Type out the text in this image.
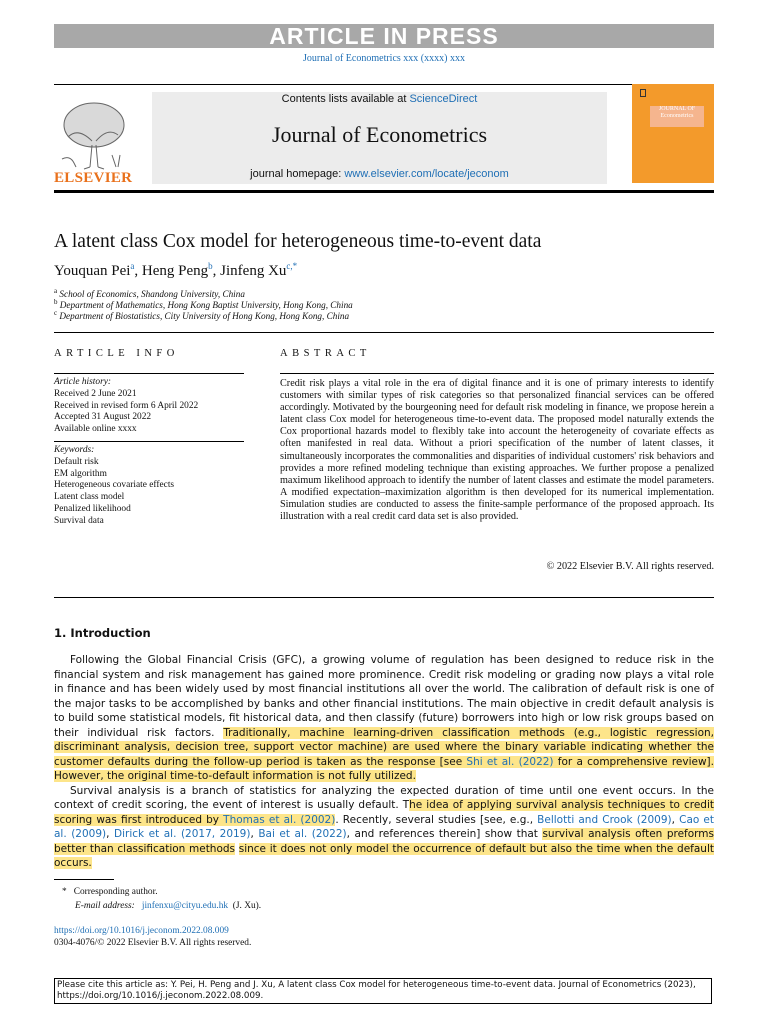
ARTICLE IN PRESS
Journal of Econometrics xxx (xxxx) xxx
ELSEVIER
Contents lists available at ScienceDirect
Journal of Econometrics
journal homepage: www.elsevier.com/locate/jeconom
JOURNAL OF Econometrics
A latent class Cox model for heterogeneous time-to-event data
Youquan Pei$^a$, Heng Peng$^b$, Jinfeng $Xu^{c,*}$
$^a$ School of Economics, Shandong University, China
$^b$ Department of Mathematics, Hong Kong Baptist University, Hong Kong, China
$^c$ Department of Biostatistics, City University of Hong Kong, Hong Kong, China
ARTICLE INFO	ABSTRACT
Article history:
Received 2 June 2021
Received in revised form 6 April 2022
Accepted 31 August 2022
Available online xxxx
Keywords:
Default risk
EM algorithm
Heterogeneous covariate effects
Latent class model
Penalized likelihood
Survival data
Credit risk plays a vital role in the era of digital finance and it is one of primary interests to identify customers with similar types of risk categories so that personalized financial services can be offered accordingly. Motivated by the bourgeoning need for default risk modeling in finance, we propose herein a latent class Cox model for heterogeneous time-to-event data. The proposed model naturally extends the Cox proportional hazards model to flexibly take into account the heterogeneity of covariate effects as often manifested in real data. Without a priori specification of the number of latent classes, it simultaneously incorporates the commonalities and disparities of individual customers' risk behaviors and provides a more refined modeling technique than existing approaches. We further propose a penalized maximum likelihood approach to identify the number of latent classes and estimate the model parameters. A modified expectation–maximization algorithm is then developed for its numerical implementation. Simulation studies are conducted to assess the finite-sample performance of the proposed approach. Its illustration with a real credit card data set is also provided.
© 2022 Elsevier B.V. All rights reserved.
1. Introduction

Following the Global Financial Crisis (GFC), a growing volume of regulation has been designed to reduce risk in the financial system and risk management has gained more prominence. Credit risk modeling or grading now plays a vital role in finance and has been widely used by most financial institutions all over the world. The calibration of default risk is one of the major tasks to be accomplished by banks and other financial institutions. The main objective in credit default analysis is to build some statistical models, fit historical data, and then classify (future) borrowers into high or low risk groups based on their individual risk factors. Traditionally, machine learning-driven classification methods (e.g., logistic regression, discriminant analysis, decision tree, support vector machine) are used where the binary variable indicating whether the customer defaults during the follow-up period is taken as the response [see Shi et al. (2022) for a comprehensive review]. However, the original time-to-default information is not fully utilized.

Survival analysis is a branch of statistics for analyzing the expected duration of time until one event occurs. In the context of credit scoring, the event of interest is usually default. The idea of applying survival analysis techniques to credit scoring was first introduced by Thomas et al. (2002). Recently, several studies [see, e.g., Bellotti and Crook (2009), Cao et al. (2009), Dirick et al. (2017, 2019), Bai et al. (2022), and references therein] show that survival analysis often preforms better than classification methods since it does not only model the occurrence of default but also the time when the default occurs.

* Corresponding author.
E-mail address: jinfenxu@cityu.edu.hk (J. Xu).
https://doi.org/10.1016/j.jeconom.2022.08.009
0304-4076/© 2022 Elsevier B.V. All rights reserved.
Please cite this article as: Y. Pei, H. Peng and J. Xu, A latent class Cox model for heterogeneous time-to-event data. Journal of Econometrics (2023), https://doi.org/10.1016/j.jeconom.2022.08.009.
